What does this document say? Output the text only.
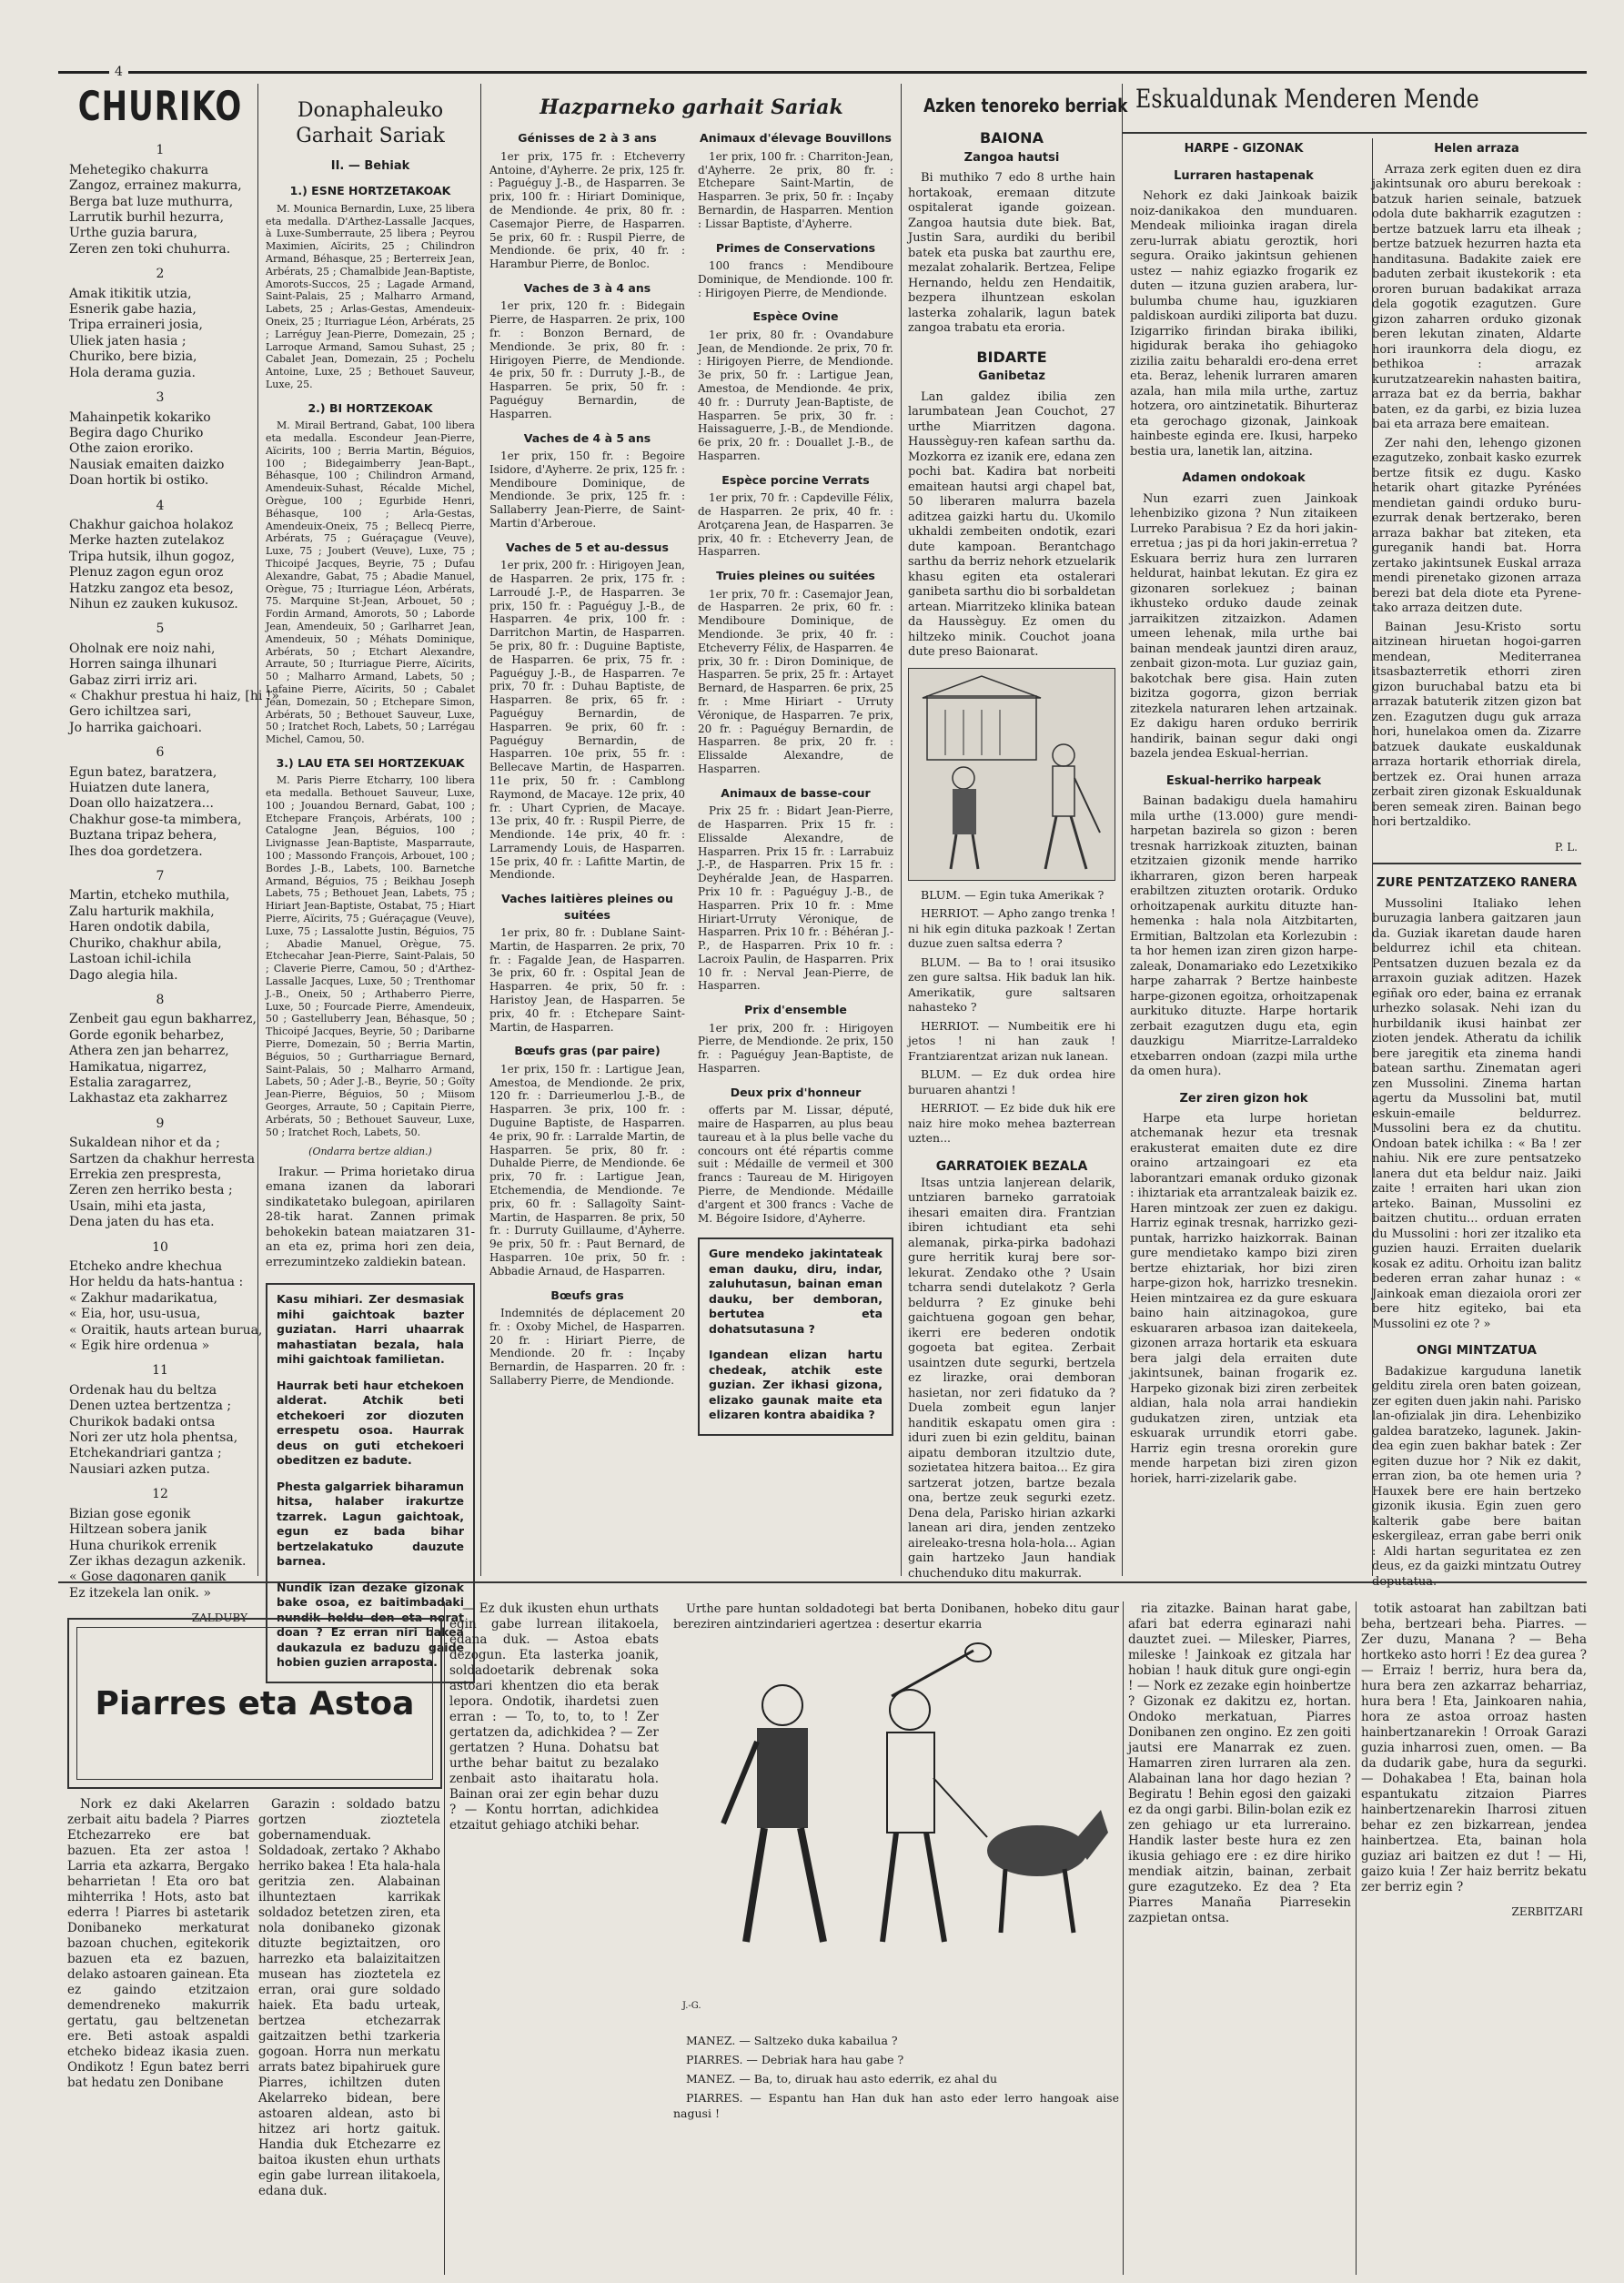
4
CHURIKO
1
Mehetegiko chakurra
Zangoz, errainez makurra,
Berga bat luze muthurra,
Larrutik burhil hezurra,
Urthe guzia barura,
Zeren zen toki chuhurra.
2
Amak itikitik utzia,
Esnerik gabe hazia,
Tripa erraineri josia,
Uliek jaten hasia ;
Churiko, bere bizia,
Hola derama guzia.
3
Mahainpetik kokariko
Begira dago Churiko
Othe zaion eroriko.
Nausiak emaiten daizko
Doan hortik bi ostiko.
4
Chakhur gaichoa holakoz
Merke hazten zutelakoz
Tripa hutsik, ilhun gogoz,
Plenuz zagon egun oroz
Hatzku zangoz eta besoz,
Nihun ez zauken kukusoz.
5
Oholnak ere noiz nahi,
Horren sainga ilhunari
Gabaz zirri irriz ari.
« Chakhur prestua hi haiz, [hi !»
Gero ichiltzea sari,
Jo harrika gaichoari.
6
Egun batez, baratzera,
Huiatzen dute lanera,
Doan ollo haizatzera...
Chakhur gose-ta mimbera,
Buztana tripaz behera,
Ihes doa gordetzera.
7
Martin, etcheko muthila,
Zalu harturik makhila,
Haren ondotik dabila,
Churiko, chakhur abila,
Lastoan ichil-ichila
Dago alegia hila.
8
Zenbeit gau egun bakharrez,
Gorde egonik beharbez,
Athera zen jan beharrez,
Hamikatua, nigarrez,
Estalia zaragarrez,
Lakhastaz eta zakharrez
9
Sukaldean nihor et da ;
Sartzen da chakhur herresta
Errekia zen prespresta,
Zeren zen herriko besta ;
Usain, mihi eta jasta,
Dena jaten du has eta.
10
Etcheko andre khechua
Hor heldu da hats-hantua :
« Zakhur madarikatua,
« Eia, hor, usu-usua,
« Oraitik, hauts artean burua,
« Egik hire ordenua »
11
Ordenak hau du beltza
Denen uztea bertzentza ;
Churikok badaki ontsa
Nori zer utz hola phentsa,
Etchekandriari gantza ;
Nausiari azken putza.
12
Bizian gose egonik
Hiltzean sobera janik
Huna churikok errenik
Zer ikhas dezagun azkenik.
« Gose dagonaren ganik
Ez itzekela lan onik. »
ZALDUBY
Donaphaleuko
Garhait Sariak
II. — Behiak
1.) ESNE HORTZETAKOAK
M. Mounica Bernardin, Luxe, 25 libera eta medalla. D'Arthez-Lassalle Jacques, à Luxe-Sumberraute, 25 libera ; Peyrou Maximien, Aïcirits, 25 ; Chilindron Armand, Béhasque, 25 ; Berterreix Jean, Arbérats, 25 ; Chamalbide Jean-Baptiste, Amorots-Succos, 25 ; Lagade Armand, Saint-Palais, 25 ; Malharro Armand, Labets, 25 ; Arlas-Gestas, Amendeuix-Oneix, 25 ; Iturriague Léon, Arbérats, 25 ; Larréguy Jean-Pierre, Domezain, 25 ; Larroque Armand, Samou Suhast, 25 ; Cabalet Jean, Domezain, 25 ; Pochelu Antoine, Luxe, 25 ; Bethouet Sauveur, Luxe, 25.
2.) BI HORTZEKOAK
M. Mirail Bertrand, Gabat, 100 libera eta medalla. Escondeur Jean-Pierre, Aïcirits, 100 ; Berria Martin, Béguios, 100 ; Bidegaimberry Jean-Bapt., Béhasque, 100 ; Chilindron Armand, Amendeuix-Suhast, Récalde Michel, Orègue, 100 ; Egurbide Henri, Béhasque, 100 ; Arla-Gestas, Amendeuix-Oneix, 75 ; Bellecq Pierre, Arbérats, 75 ; Guéraçague (Veuve), Luxe, 75 ; Joubert (Veuve), Luxe, 75 ; Thicoipé Jacques, Beyrie, 75 ; Dufau Alexandre, Gabat, 75 ; Abadie Manuel, Orègue, 75 ; Iturriague Léon, Arbérats, 75. Marquine St-Jean, Arbouet, 50 ; Fordin Armand, Amorots, 50 ; Laborde Jean, Amendeuix, 50 ; Garlharret Jean, Amendeuix, 50 ; Méhats Dominique, Arbérats, 50 ; Etchart Alexandre, Arraute, 50 ; Iturriague Pierre, Aïcirits, 50 ; Malharro Armand, Labets, 50 ; Lafaine Pierre, Aïcirits, 50 ; Cabalet Jean, Domezain, 50 ; Etchepare Simon, Arbérats, 50 ; Bethouet Sauveur, Luxe, 50 ; Iratchet Roch, Labets, 50 ; Larrégau Michel, Camou, 50.
3.) LAU ETA SEI HORTZEKUAK
M. Paris Pierre Etcharry, 100 libera eta medalla. Bethouet Sauveur, Luxe, 100 ; Jouandou Bernard, Gabat, 100 ; Etchepare François, Arbérats, 100 ; Catalogne Jean, Béguios, 100 ; Livignasse Jean-Baptiste, Masparraute, 100 ; Massondo François, Arbouet, 100 ; Bordes J.-B., Labets, 100. Barnetche Armand, Béguios, 75 ; Beikhau Joseph Labets, 75 ; Bethouet Jean, Labets, 75 ; Hiriart Jean-Baptiste, Ostabat, 75 ; Hiart Pierre, Aïcirits, 75 ; Guéraçague (Veuve), Luxe, 75 ; Lassalotte Justin, Béguios, 75 ; Abadie Manuel, Orègue, 75. Etchecahar Jean-Pierre, Saint-Palais, 50 ; Claverie Pierre, Camou, 50 ; d'Arthez-Lassalle Jacques, Luxe, 50 ; Trenthomar J.-B., Oneix, 50 ; Arthaberro Pierre, Luxe, 50 ; Fourcade Pierre, Amendeuix, 50 ; Gastelluberry Jean, Béhasque, 50 ; Thicoipé Jacques, Beyrie, 50 ; Daribarne Pierre, Domezain, 50 ; Berria Martin, Béguios, 50 ; Gurtharriague Bernard, Saint-Palais, 50 ; Malharro Armand, Labets, 50 ; Ader J.-B., Beyrie, 50 ; Goïty Jean-Pierre, Béguios, 50 ; Miisom Georges, Arraute, 50 ; Capitain Pierre, Arbérats, 50 ; Bethouet Sauveur, Luxe, 50 ; Iratchet Roch, Labets, 50.
(Ondarra bertze aldian.)
Irakur. — Prima horietako dirua emana izanen da laborari sindikatetako bulegoan, apirilaren 28-tik harat. Zannen primak behokekin batean maiatzaren 31-an eta ez, prima hori zen deia, errezumintzeko zaldiekin batean.
Kasu mihiari. Zer desmasiak mihi gaichtoak bazter guziatan. Harri uhaarrak mahastiatan bezala, hala mihi gaichtoak familietan.
Haurrak beti haur etchekoen alderat. Atchik beti etchekoeri zor diozuten errespetu osoa. Haurrak deus on guti etchekoeri obeditzen ez badute.
Phesta galgarriek biharamun hitsa, halaber irakurtze tzarrek. Lagun gaichtoak, egun ez bada bihar bertzelakatuko dauzute barnea.
Nundik izan dezake gizonak bake osoa, ez baitimbadaki nundik heldu den eta norat doan ? Ez erran niri bakea daukazula ez baduzu gaide hobien guzien arraposta.
Hazparneko garhait Sariak
Génisses de 2 à 3 ans
1er prix, 175 fr. : Etcheverry Antoine, d'Ayherre. 2e prix, 125 fr. : Paguéguy J.-B., de Hasparren. 3e prix, 100 fr. : Hiriart Dominique, de Mendionde. 4e prix, 80 fr. : Casemajor Pierre, de Hasparren. 5e prix, 60 fr. : Ruspil Pierre, de Mendionde. 6e prix, 40 fr. : Harambur Pierre, de Bonloc.
Vaches de 3 à 4 ans
1er prix, 120 fr. : Bidegain Pierre, de Hasparren. 2e prix, 100 fr. : Bonzon Bernard, de Mendionde. 3e prix, 80 fr. : Hirigoyen Pierre, de Mendionde. 4e prix, 50 fr. : Durruty J.-B., de Hasparren. 5e prix, 50 fr. : Paguéguy Bernardin, de Hasparren.
Vaches de 4 à 5 ans
1er prix, 150 fr. : Begoire Isidore, d'Ayherre. 2e prix, 125 fr. : Mendiboure Dominique, de Mendionde. 3e prix, 125 fr. : Sallaberry Jean-Pierre, de Saint-Martin d'Arberoue.
Vaches de 5 et au-dessus
1er prix, 200 fr. : Hirigoyen Jean, de Hasparren. 2e prix, 175 fr. : Larroudé J.-P., de Hasparren. 3e prix, 150 fr. : Paguéguy J.-B., de Hasparren. 4e prix, 100 fr. : Darritchon Martin, de Hasparren. 5e prix, 80 fr. : Duguine Baptiste, de Hasparren. 6e prix, 75 fr. : Paguéguy J.-B., de Hasparren. 7e prix, 70 fr. : Duhau Baptiste, de Hasparren. 8e prix, 65 fr. : Paguéguy Bernardin, de Hasparren. 9e prix, 60 fr. : Paguéguy Bernardin, de Hasparren. 10e prix, 55 fr. : Bellecave Martin, de Hasparren. 11e prix, 50 fr. : Camblong Raymond, de Macaye. 12e prix, 40 fr. : Uhart Cyprien, de Macaye. 13e prix, 40 fr. : Ruspil Pierre, de Mendionde. 14e prix, 40 fr. : Larramendy Louis, de Hasparren. 15e prix, 40 fr. : Lafitte Martin, de Mendionde.
Vaches laitières pleines ou suitées
1er prix, 80 fr. : Dublane Saint-Martin, de Hasparren. 2e prix, 70 fr. : Fagalde Jean, de Hasparren. 3e prix, 60 fr. : Ospital Jean de Hasparren. 4e prix, 50 fr. : Haristoy Jean, de Hasparren. 5e prix, 40 fr. : Etchepare Saint-Martin, de Hasparren.
Bœufs gras (par paire)
1er prix, 150 fr. : Lartigue Jean, Amestoa, de Mendionde. 2e prix, 120 fr. : Darrieumerlou J.-B., de Hasparren. 3e prix, 100 fr. : Duguine Baptiste, de Hasparren. 4e prix, 90 fr. : Larralde Martin, de Hasparren. 5e prix, 80 fr. : Duhalde Pierre, de Mendionde. 6e prix, 70 fr. : Lartigue Jean, Etchemendia, de Mendionde. 7e prix, 60 fr. : Sallagoïty Saint-Martin, de Hasparren. 8e prix, 50 fr. : Durruty Guillaume, d'Ayherre. 9e prix, 50 fr. : Paut Bernard, de Hasparren. 10e prix, 50 fr. : Abbadie Arnaud, de Hasparren.
Bœufs gras
Indemnités de déplacement 20 fr. : Oxoby Michel, de Hasparren. 20 fr. : Hiriart Pierre, de Mendionde. 20 fr. : Inçaby Bernardin, de Hasparren. 20 fr. : Sallaberry Pierre, de Mendionde.
Animaux d'élevage Bouvillons
1er prix, 100 fr. : Charriton-Jean, d'Ayherre. 2e prix, 80 fr. : Etchepare Saint-Martin, de Hasparren. 3e prix, 50 fr. : Inçaby Bernardin, de Hasparren. Mention : Lissar Baptiste, d'Ayherre.
Primes de Conservations
100 francs : Mendiboure Dominique, de Mendionde. 100 fr. : Hirigoyen Pierre, de Mendionde.
Espèce Ovine
1er prix, 80 fr. : Ovandabure Jean, de Mendionde. 2e prix, 70 fr. : Hirigoyen Pierre, de Mendionde. 3e prix, 50 fr. : Lartigue Jean, Amestoa, de Mendionde. 4e prix, 40 fr. : Durruty Jean-Baptiste, de Hasparren. 5e prix, 30 fr. : Haissaguerre, J.-B., de Mendionde. 6e prix, 20 fr. : Douallet J.-B., de Hasparren.
Espèce porcine Verrats
1er prix, 70 fr. : Capdeville Félix, de Hasparren. 2e prix, 40 fr. : Arotçarena Jean, de Hasparren. 3e prix, 40 fr. : Etcheverry Jean, de Hasparren.
Truies pleines ou suitées
1er prix, 70 fr. : Casemajor Jean, de Hasparren. 2e prix, 60 fr. : Mendiboure Dominique, de Mendionde. 3e prix, 40 fr. : Etcheverry Félix, de Hasparren. 4e prix, 30 fr. : Diron Dominique, de Hasparren. 5e prix, 25 fr. : Artayet Bernard, de Hasparren. 6e prix, 25 fr. : Mme Hiriart - Urruty Véronique, de Hasparren. 7e prix, 20 fr. : Paguéguy Bernardin, de Hasparren. 8e prix, 20 fr. : Elissalde Alexandre, de Hasparren.
Animaux de basse-cour
Prix 25 fr. : Bidart Jean-Pierre, de Hasparren. Prix 15 fr. : Elissalde Alexandre, de Hasparren. Prix 15 fr. : Larrabuiz J.-P., de Hasparren. Prix 15 fr. : Deyhéralde Jean, de Hasparren. Prix 10 fr. : Paguéguy J.-B., de Hasparren. Prix 10 fr. : Mme Hiriart-Urruty Véronique, de Hasparren. Prix 10 fr. : Béhéran J.-P., de Hasparren. Prix 10 fr. : Lacroix Paulin, de Hasparren. Prix 10 fr. : Nerval Jean-Pierre, de Hasparren.
Prix d'ensemble
1er prix, 200 fr. : Hirigoyen Pierre, de Mendionde. 2e prix, 150 fr. : Paguéguy Jean-Baptiste, de Hasparren.
Deux prix d'honneur
offerts par M. Lissar, député, maire de Hasparren, au plus beau taureau et à la plus belle vache du concours ont été répartis comme suit : Médaille de vermeil et 300 francs : Taureau de M. Hirigoyen Pierre, de Mendionde. Médaille d'argent et 300 francs : Vache de M. Bégoire Isidore, d'Ayherre.
Gure mendeko jakintateak eman dauku, diru, indar, zaluhutasun, bainan eman dauku, ber demboran, bertutea eta dohatsutasuna ?
Igandean elizan hartu chedeak, atchik este guzian. Zer ikhasi gizona, elizako gaunak maite eta elizaren kontra abaidika ?
Azken tenoreko berriak
BAIONA
Zangoa hautsi
Bi muthiko 7 edo 8 urthe hain hortakoak, eremaan ditzute ospitalerat igande goizean. Zangoa hautsia dute biek. Bat, Justin Sara, aurdiki du beribil batek eta puska bat zaurthu ere, mezalat zohalarik. Bertzea, Felipe Hernando, heldu zen Hendaitik, bezpera ilhuntzean eskolan lasterka zohalarik, lagun batek zangoa trabatu eta eroria.
BIDARTE
Ganibetaz
Lan galdez ibilia zen larumbatean Jean Couchot, 27 urthe Miarritzen dagona. Haussèguy-ren kafean sarthu da. Mozkorra ez izanik ere, edana zen pochi bat. Kadira bat norbeiti emaitean hautsi argi chapel bat, 50 liberaren malurra bazela aditzea gaizki hartu du. Ukomilo ukhaldi zembeiten ondotik, ezari dute kampoan. Berantchago sarthu da berriz nehork etzuelarik khasu egiten eta ostalerari ganibeta sarthu dio bi sorbaldetan artean. Miarritzeko klinika batean da Haussèguy. Ez omen du hiltzeko minik. Couchot joana dute preso Baionarat.
BLUM. — Egin tuka Amerikak ?
HERRIOT. — Apho zango trenka ! ni hik egin dituka pazkoak ! Zertan duzue zuen saltsa ederra ?
BLUM. — Ba to ! orai itsusiko zen gure saltsa. Hik baduk lan hik. Amerikatik, gure saltsaren nahasteko ?
HERRIOT. — Numbeitik ere hi jetos ! ni han zauk ! Frantziarentzat arizan nuk lanean.
BLUM. — Ez duk ordea hire buruaren ahantzi !
HERRIOT. — Ez bide duk hik ere naiz hire moko mehea bazterrean uzten...
GARRATOIEK BEZALA
Itsas untzia lanjerean delarik, untziaren barneko garratoiak ihesari emaiten dira. Frantzian ibiren ichtudiant eta sehi alemanak, pirka-pirka badohazi gure herritik kuraj bere sor-lekurat. Zendako othe ? Usain tcharra sendi dutelakotz ? Gerla beldurra ? Ez ginuke behi gaichtuena gogoan gen behar, ikerri ere bederen ondotik gogoeta bat egitea. Zerbait usaintzen dute segurki, bertzela ez lirazke, orai demboran hasietan, nor zeri fidatuko da ? Duela zombeit egun lanjer handitik eskapatu omen gira : iduri zuen bi ezin gelditu, bainan aipatu demboran itzultzio dute, sozietatea hitzera baitoa... Ez gira sartzerat jotzen, bartze bezala ona, bertze zeuk segurki ezetz. Dena dela, Parisko hirian azkarki lanean ari dira, jenden zentzeko aireleako-tresna hola-hola... Agian gain hartzeko Jaun handiak chuchenduko ditu makurrak.
Eskualdunak Menderen Mende
HARPE - GIZONAK
Lurraren hastapenak
Nehork ez daki Jainkoak baizik noiz-danikakoa den munduaren. Mendeak milioinka iragan direla zeru-lurrak abiatu geroztik, hori segura. Oraiko jakintsun gehienen ustez — nahiz egiazko frogarik ez duten — itzuna guzien arabera, lur-bulumba chume hau, iguzkiaren paldiskoan aurdiki ziliporta bat duzu. Izigarriko firindan biraka ibiliki, higidurak beraka iho gehiagoko zizilia zaitu beharaldi ero-dena erret eta. Beraz, lehenik lurraren amaren azala, han mila mila urthe, zartuz hotzera, oro aintzinetatik. Bihurteraz eta gerochago gizonak, Jainkoak hainbeste eginda ere. Ikusi, harpeko bestia ura, lanetik lan, aitzina.
Adamen ondokoak
Nun ezarri zuen Jainkoak lehenbiziko gizona ? Nun zitaikeen Lurreko Parabisua ? Ez da hori jakin-erretua ; jas pi da hori jakin-erretua ? Eskuara berriz hura zen lurraren heldurat, hainbat lekutan. Ez gira ez gizonaren sorlekuez ; bainan ikhusteko orduko daude zeinak jarraikitzen zitzaizkon. Adamen umeen lehenak, mila urthe bai bainan mendeak jauntzi diren arauz, zenbait gizon-mota. Lur guziaz gain, bakotchak bere gisa. Hain zuten bizitza gogorra, gizon berriak zitezkela naturaren lehen artzainak. Ez dakigu haren orduko berririk handirik, bainan segur daki ongi bazela jendea Eskual-herrian.
Eskual-herriko harpeak
Bainan badakigu duela hamahiru mila urthe (13.000) gure mendi-harpetan bazirela so gizon : beren tresnak harrizkoak zituzten, bainan etzitzaien gizonik mende harriko ikharraren, gizon beren harpeak erabiltzen zituzten orotarik. Orduko orhoitzapenak aurkitu dituzte han-hemenka : hala nola Aitzbitarten, Ermitian, Baltzolan eta Korlezubin : ta hor hemen izan ziren gizon harpe-zaleak, Donamariako edo Lezetxikiko harpe zaharrak ? Bertze hainbeste harpe-gizonen egoitza, orhoitzapenak aurkituko dituzte. Harpe hortarik zerbait ezagutzen dugu eta, egin dauzkigu Miarritze-Larraldeko etxebarren ondoan (zazpi mila urthe da omen hura).
Zer ziren gizon hok
Harpe eta lurpe horietan atchemanak hezur eta tresnak erakusterat emaiten dute ez dire oraino artzaingoari ez eta laborantzari emanak orduko gizonak : ihiztariak eta arrantzaleak baizik ez. Haren mintzoak zer zuen ez dakigu. Harriz eginak tresnak, harrizko gezi-puntak, harrizko haizkorrak. Bainan gure mendietako kampo bizi ziren bertze ehiztariak, hor bizi ziren harpe-gizon hok, harrizko tresnekin. Heien mintzairea ez da gure eskuara baino hain aitzinagokoa, gure eskuararen arbasoa izan daitekeela, gizonen arraza hortarik eta eskuara bera jalgi dela erraiten dute jakintsunek, bainan frogarik ez. Harpeko gizonak bizi ziren zerbeitek aldian, hala nola arrai handiekin gudukatzen ziren, untziak eta eskuarak urrundik etorri gabe. Harriz egin tresna ororekin gure mende harpetan bizi ziren gizon horiek, harri-zizelarik gabe.
Helen arraza
Arraza zerk egiten duen ez dira jakintsunak oro aburu berekoak : batzuk harien seinale, batzuek odola dute bakharrik ezagutzen : bertze batzuek larru eta ilheak ; bertze batzuek hezurren hazta eta handitasuna. Badakite zaiek ere baduten zerbait ikustekorik : eta ororen buruan badakikat arraza dela gogotik ezagutzen. Gure gizon zaharren orduko gizonak beren lekutan zinaten, Aldarte hori iraunkorra dela diogu, ez bethikoa : arrazak kurutzatzearekin nahasten baitira, arraza bat ez da berria, bakhar baten, ez da garbi, ez bizia luzea bai eta arraza bere emaitean.
Zer nahi den, lehengo gizonen ezagutzeko, zonbait kasko ezurrek bertze fitsik ez dugu. Kasko hetarik ohart gitazke Pyrénées mendietan gaindi orduko buru-ezurrak denak bertzerako, beren arraza bakhar bat ziteken, eta gureganik handi bat. Horra zertako jakintsunek Euskal arraza mendi pirenetako gizonen arraza berezi bat dela diote eta Pyrene-tako arraza deitzen dute.
Bainan Jesu-Kristo sortu aitzinean hiruetan hogoi-garren mendean, Mediterranea itsasbazterretik ethorri ziren gizon buruchabal batzu eta bi arrazak batuterik zitzen gizon bat zen. Ezagutzen dugu guk arraza hori, hunelakoa omen da. Zizarre batzuek daukate euskaldunak arraza hortarik ethorriak direla, bertzek ez. Orai hunen arraza zerbait ziren gizonak Eskualdunak beren semeak ziren. Bainan bego hori bertzaldiko.
P. L.
ZURE PENTZATZEKO RANERA
Mussolini Italiako lehen buruzagia lanbera gaitzaren jaun da. Guziak ikaretan daude haren beldurrez ichil eta chitean. Pentsatzen duzuen bezala ez da arraxoin guziak aditzen. Hazek egiñak oro eder, baina ez erranak urhezko solasak. Nehi izan du hurbildanik ikusi hainbat zer zioten jendek. Atheratu da ichilik bere jaregitik eta zinema handi batean sarthu. Zinematan ageri zen Mussolini. Zinema hartan agertu da Mussolini bat, mutil eskuin-emaile beldurrez. Mussolini bera ez da chutitu. Ondoan batek ichilka : « Ba ! zer nahiu. Nik ere zure pentsatzeko lanera dut eta beldur naiz. Jaiki zaite ! erraiten hari ukan zion arteko. Bainan, Mussolini ez baitzen chutitu... orduan erraten du Mussolini : hori zer itzaliko eta guzien hauzi. Erraiten duelarik kosak ez aditu. Orhoitu izan balitz bederen erran zahar hunaz : « Jainkoak eman diezaiola orori zer bere hitz egiteko, bai eta Mussolini ez ote ? »
ONGI MINTZATUA
Badakizue karguduna lanetik gelditu zirela oren baten goizean, zer egiten duen jakin nahi. Parisko lan-ofizialak jin dira. Lehenbiziko galdea baratzeko, lagunek. Jakin-dea egin zuen bakhar batek : Zer egiten duzue hor ? Nik ez dakit, erran zion, ba ote hemen uria ? Hauxek bere ere hain bertzeko gizonik ikusia. Egin zuen gero kalterik gabe bere baitan eskergileaz, erran gabe berri onik : Aldi hartan seguritatea ez zen deus, ez da gaizki mintzatu Outrey deputatua.
Piarres eta Astoa
Nork ez daki Akelarren zerbait aitu badela ? Piarres Etchezarreko ere bat bazuen. Eta zer astoa ! Larria eta azkarra, Bergako beharrietan ! Eta oro bat mihterrika ! Hots, asto bat ederra ! Piarres bi astetarik Donibaneko merkaturat bazoan chuchen, egitekorik bazuen eta ez bazuen, delako astoaren gainean. Eta ez gaindo etzitzaion demendreneko makurrik gertatu, gau beltzenetan ere. Beti astoak aspaldi etcheko bideaz ikasia zuen. Ondikotz ! Egun batez berri bat hedatu zen Donibane
Garazin : soldado batzu gortzen zioztetela gobernamenduak. Soldadoak, zertako ? Akhabo herriko bakea ! Eta hala-hala geritzia zen. Alabainan ilhunteztaen karrikak soldadoz betetzen ziren, eta nola donibaneko gizonak dituzte begiztaitzen, oro harrezko eta balaizitaitzen musean has zioztetela ez erran, orai gure soldado haiek. Eta badu urteak, bertzea etchezarrak gaitzaitzen bethi tzarkeria gogoan. Horra nun merkatu arrats batez bipahiruek gure Piarres, ichiltzen duten Akelarreko bidean, bere astoaren aldean, asto bi hitzez ari hortz gaituk. Handia duk Etchezarre ez baitoa ikusten ehun urthats egin gabe lurrean ilitakoela, edana duk.
— Ez duk ikusten ehun urthats egin gabe lurrean ilitakoela, edana duk. — Astoa ebats dezogun. Eta lasterka joanik, soldadoetarik debrenak soka astoari khentzen dio eta berak lepora. Ondotik, ihardetsi zuen erran : — To, to, to, to ! Zer gertatzen da, adichkidea ? — Zer gertatzen ? Huna. Dohatsu bat urthe behar baitut zu bezalako zenbait asto ihaitaratu hola. Bainan orai zer egin behar duzu ? — Kontu horrtan, adichkidea etzaitut gehiago atchiki behar.
Urthe pare huntan soldadotegi bat berta Donibanen, hobeko ditu gaur bereziren aintzindarieri agertzea : desertur ekarria
J.-G.
MANEZ. — Saltzeko duka kabailua ?
PIARRES. — Debriak hara hau gabe ?
MANEZ. — Ba, to, diruak hau asto ederrik, ez ahal du
PIARRES. — Espantu han Han duk han asto eder lerro hangoak aise nagusi !
ria zitazke. Bainan harat gabe, afari bat ederra eginarazi nahi dauztet zuei. — Milesker, Piarres, mileske ! Jainkoak ez gitzala har hobian ! hauk dituk gure ongi-egin ! — Nork ez zezake egin hoinbertze ? Gizonak ez dakitzu ez, hortan. Ondoko merkatuan, Piarres Donibanen zen ongino. Ez zen goiti jautsi ere Manarrak ez zuen. Hamarren ziren lurraren ala zen. Alabainan lana hor dago hezian ? Begiratu ! Behin egosi den gaizaki ez da ongi garbi. Bilin-bolan ezik ez zen gehiago ur eta lurreraino. Handik laster beste hura ez zen ikusia gehiago ere : ez dire hiriko mendiak aitzin, bainan, zerbait gure ezagutzeko. Ez dea ? Eta Piarres Manaña Piarresekin zazpietan ontsa.
totik astoarat han zabiltzan bati beha, bertzeari beha. Piarres. — Zer duzu, Manana ? — Beha hortkeko asto horri ! Ez dea gurea ? — Erraiz ! berriz, hura bera da, hura bera zen azkarraz beharriaz, hura bera ! Eta, Jainkoaren nahia, hora ze astoa orroaz hasten hainbertzanarekin ! Orroak Garazi guzia inharrosi zuen, omen. — Ba da dudarik gabe, hura da segurki. — Dohakabea ! Eta, bainan hola espantukatu zitzaion Piarres hainbertzenarekin Iharrosi zituen behar ez zen bizkarrean, jendea hainbertzea. Eta, bainan hola guziaz ari baitzen ez dut ! — Hi, gaizo kuia ! Zer haiz berritz bekatu zer berriz egin ?
ZERBITZARI
